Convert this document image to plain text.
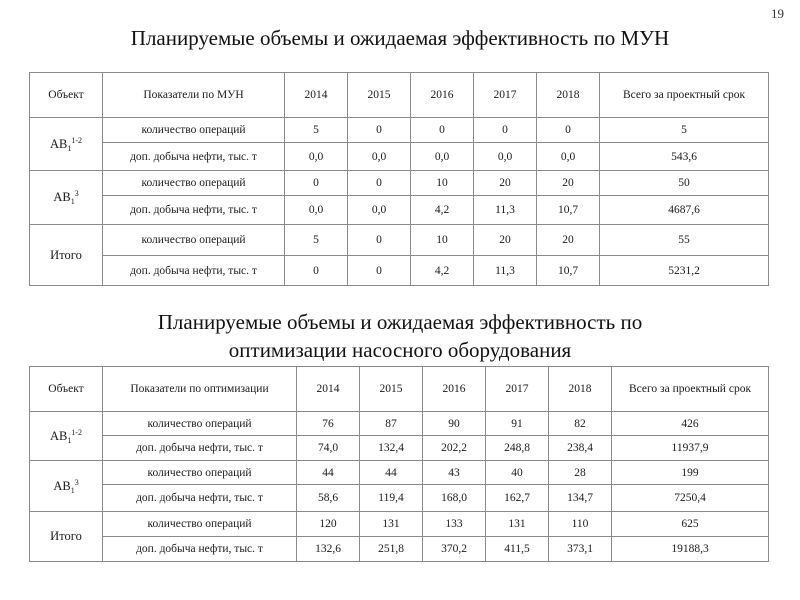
19
Планируемые объемы и ожидаемая эффективность по МУН
Объект	Показатели по МУН	2014	2015	2016	2017	2018	Всего за проектный срок
$АВ_1^{1-2}$	количество операций	5	0	0	0	0	5
	доп. добыча нефти, тыс. т	0,0	0,0	0,0	0,0	0,0	543,6
$АВ_1^3$	количество операций	0	0	10	20	20	50
	доп. добыча нефти, тыс. т	0,0	0,0	4,2	11,3	10,7	4687,6
Итого	количество операций	5	0	10	20	20	55
	доп. добыча нефти, тыс. т	0	0	4,2	11,3	10,7	5231,2
Планируемые объемы и ожидаемая эффективность по
оптимизации насосного оборудования
Объект	Показатели по оптимизации	2014	2015	2016	2017	2018	Всего за проектный срок
$АВ_1^{1-2}$	количество операций	76	87	90	91	82	426
	доп. добыча нефти, тыс. т	74,0	132,4	202,2	248,8	238,4	11937,9
$АВ_1^3$	количество операций	44	44	43	40	28	199
	доп. добыча нефти, тыс. т	58,6	119,4	168,0	162,7	134,7	7250,4
Итого	количество операций	120	131	133	131	110	625
	доп. добыча нефти, тыс. т	132,6	251,8	370,2	411,5	373,1	19188,3
